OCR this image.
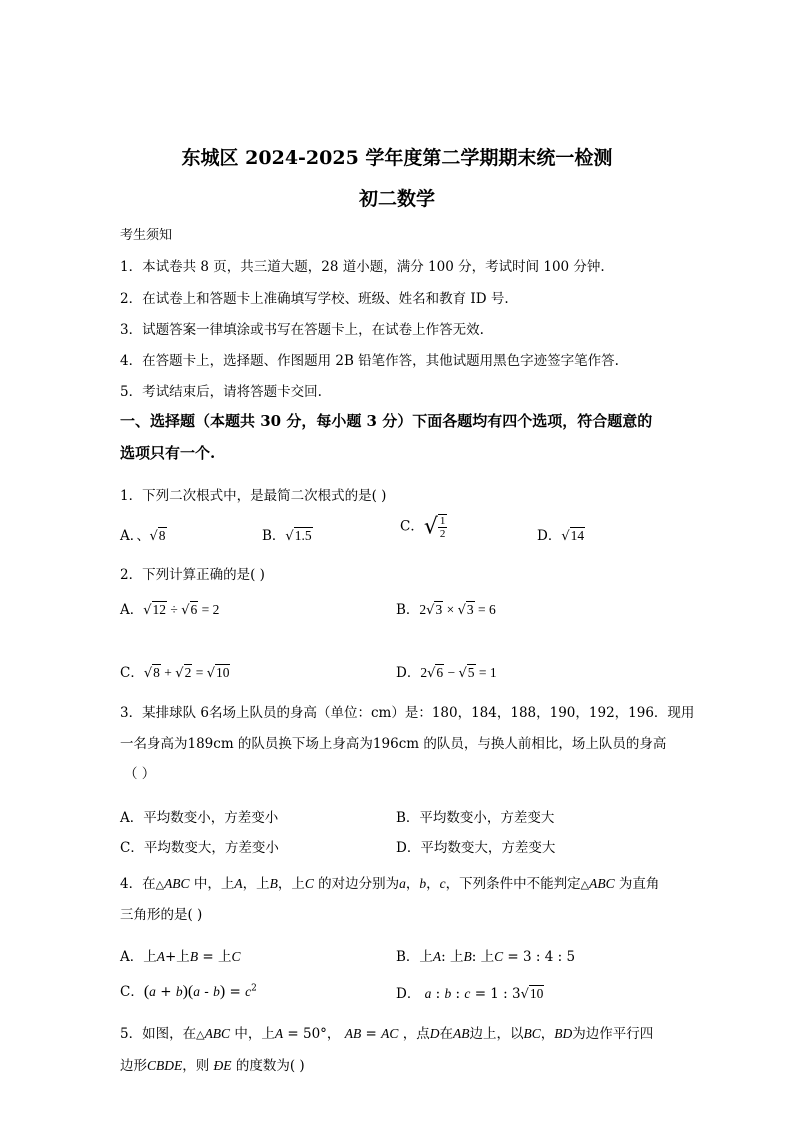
东城区 2024-2025 学年度第二学期期末统一检测
初二数学
考生须知
1．本试卷共 8 页，共三道大题，28 道小题，满分 100 分，考试时间 100 分钟.
2．在试卷上和答题卡上准确填写学校、班级、姓名和教育 ID 号.
3．试题答案一律填涂或书写在答题卡上，在试卷上作答无效.
4．在答题卡上，选择题、作图题用 2B 铅笔作答，其他试题用黑色字迹签字笔作答.
5．考试结束后，请将答题卡交回.
一、选择题（本题共 30 分，每小题 3 分）下面各题均有四个选项，符合题意的
选项只有一个.
1．下列二次根式中，是最简二次根式的是( )
A．、√8	B．√1.5
C．√ $\frac{1}{2}$	D．√14
2．下列计算正确的是( )
A．√12 ÷ √6 = 2	B．2√3 × √3 = 6
C．√8 + √2 = √10	D．2√6 − √5 = 1
3．某排球队 6名场上队员的身高（单位：cm）是：180，184，188，190，192，196．现用
一名身高为189cm 的队员换下场上身高为196cm 的队员，与换人前相比，场上队员的身高
（ ）
A．平均数变小，方差变小	B．平均数变小，方差变大
C．平均数变大，方差变小	D．平均数变大，方差变大
4．在△ABC 中，上A，上B，上C 的对边分别为a，b，c，下列条件中不能判定△ABC 为直角
三角形的是( )
A．上A+上B = 上C	B．上A: 上B: 上C = 3 : 4 : 5
C．$(a + b)(a - b) = c^2$	D． a : b : c = 1 : 3√10
5．如图，在△ABC 中，上A = 50°， AB = AC ，点D在AB边上，以BC，BD为边作平行四
边形CBDE，则 ÐE 的度数为( )
